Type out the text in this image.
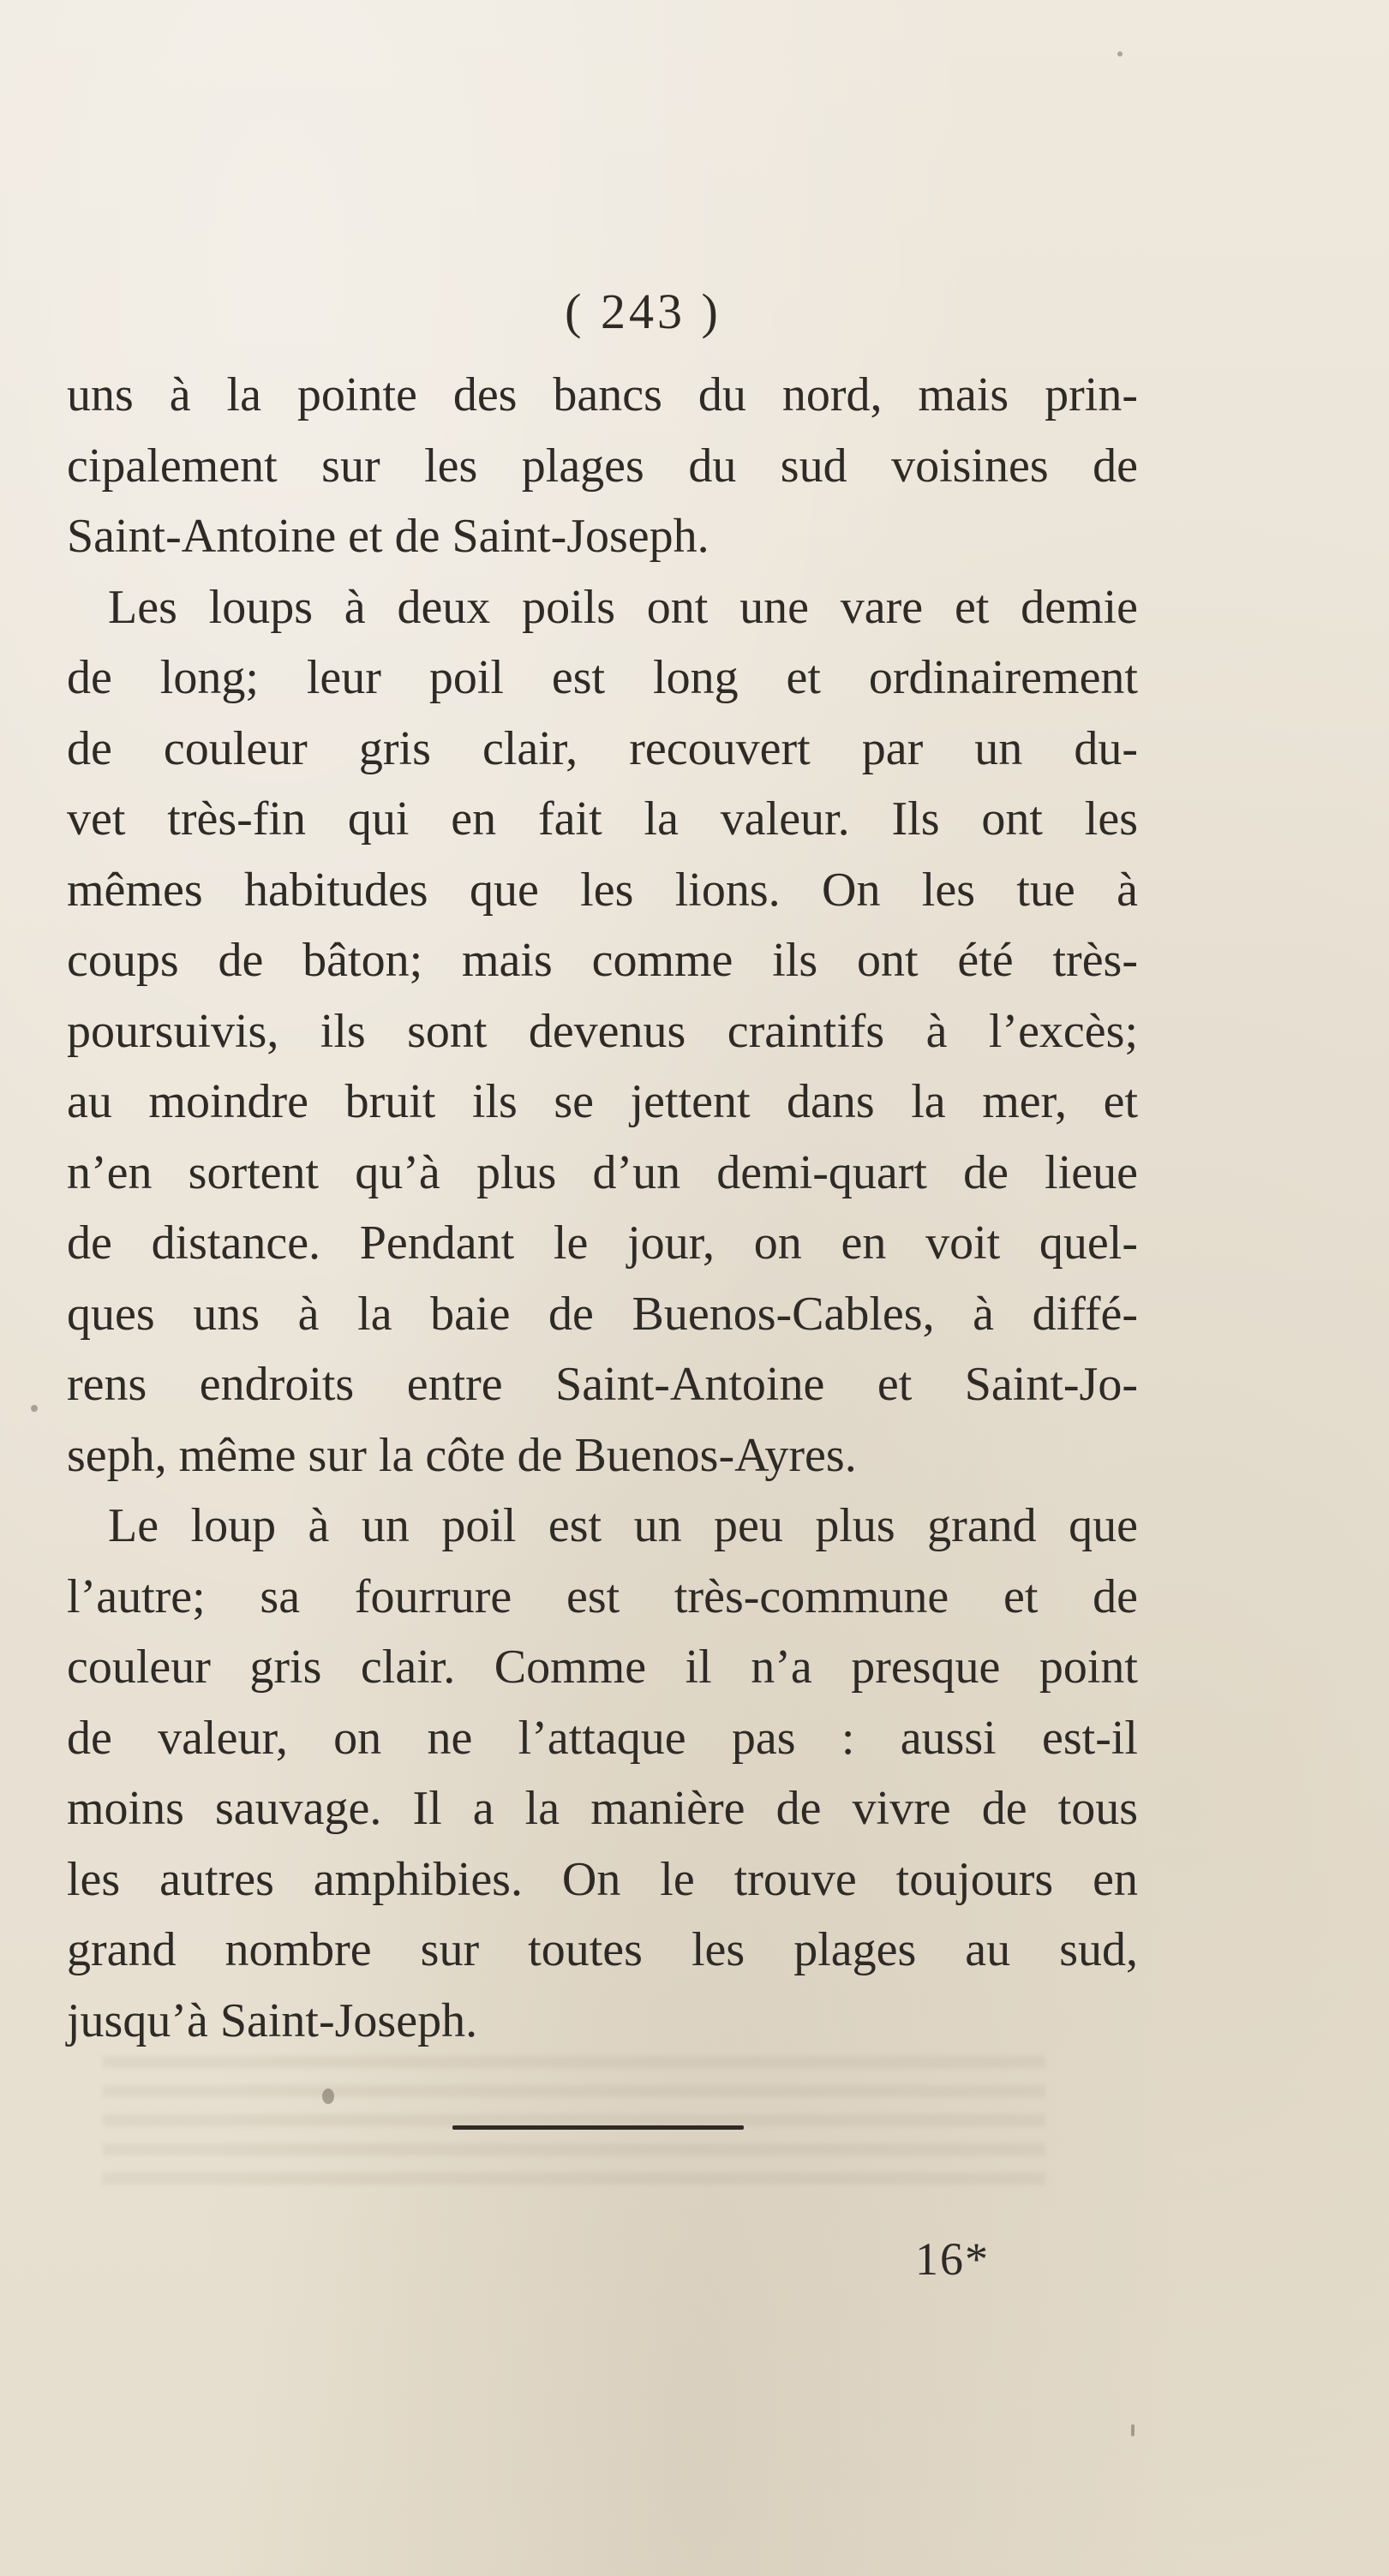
( 243 )
uns à la pointe des bancs du nord, mais prin-
cipalement sur les plages du sud voisines de
Saint-Antoine et de Saint-Joseph.
Les loups à deux poils ont une vare et demie
de long; leur poil est long et ordinairement
de couleur gris clair, recouvert par un du-
vet très-fin qui en fait la valeur. Ils ont les
mêmes habitudes que les lions. On les tue à
coups de bâton; mais comme ils ont été très-
poursuivis, ils sont devenus craintifs à l’excès;
au moindre bruit ils se jettent dans la mer, et
n’en sortent qu’à plus d’un demi-quart de lieue
de distance. Pendant le jour, on en voit quel-
ques uns à la baie de Buenos-Cables, à diffé-
rens endroits entre Saint-Antoine et Saint-Jo-
seph, même sur la côte de Buenos-Ayres.
Le loup à un poil est un peu plus grand que
l’autre; sa fourrure est très-commune et de
couleur gris clair. Comme il n’a presque point
de valeur, on ne l’attaque pas : aussi est-il
moins sauvage. Il a la manière de vivre de tous
les autres amphibies. On le trouve toujours en
grand nombre sur toutes les plages au sud,
jusqu’à Saint-Joseph.
16*
